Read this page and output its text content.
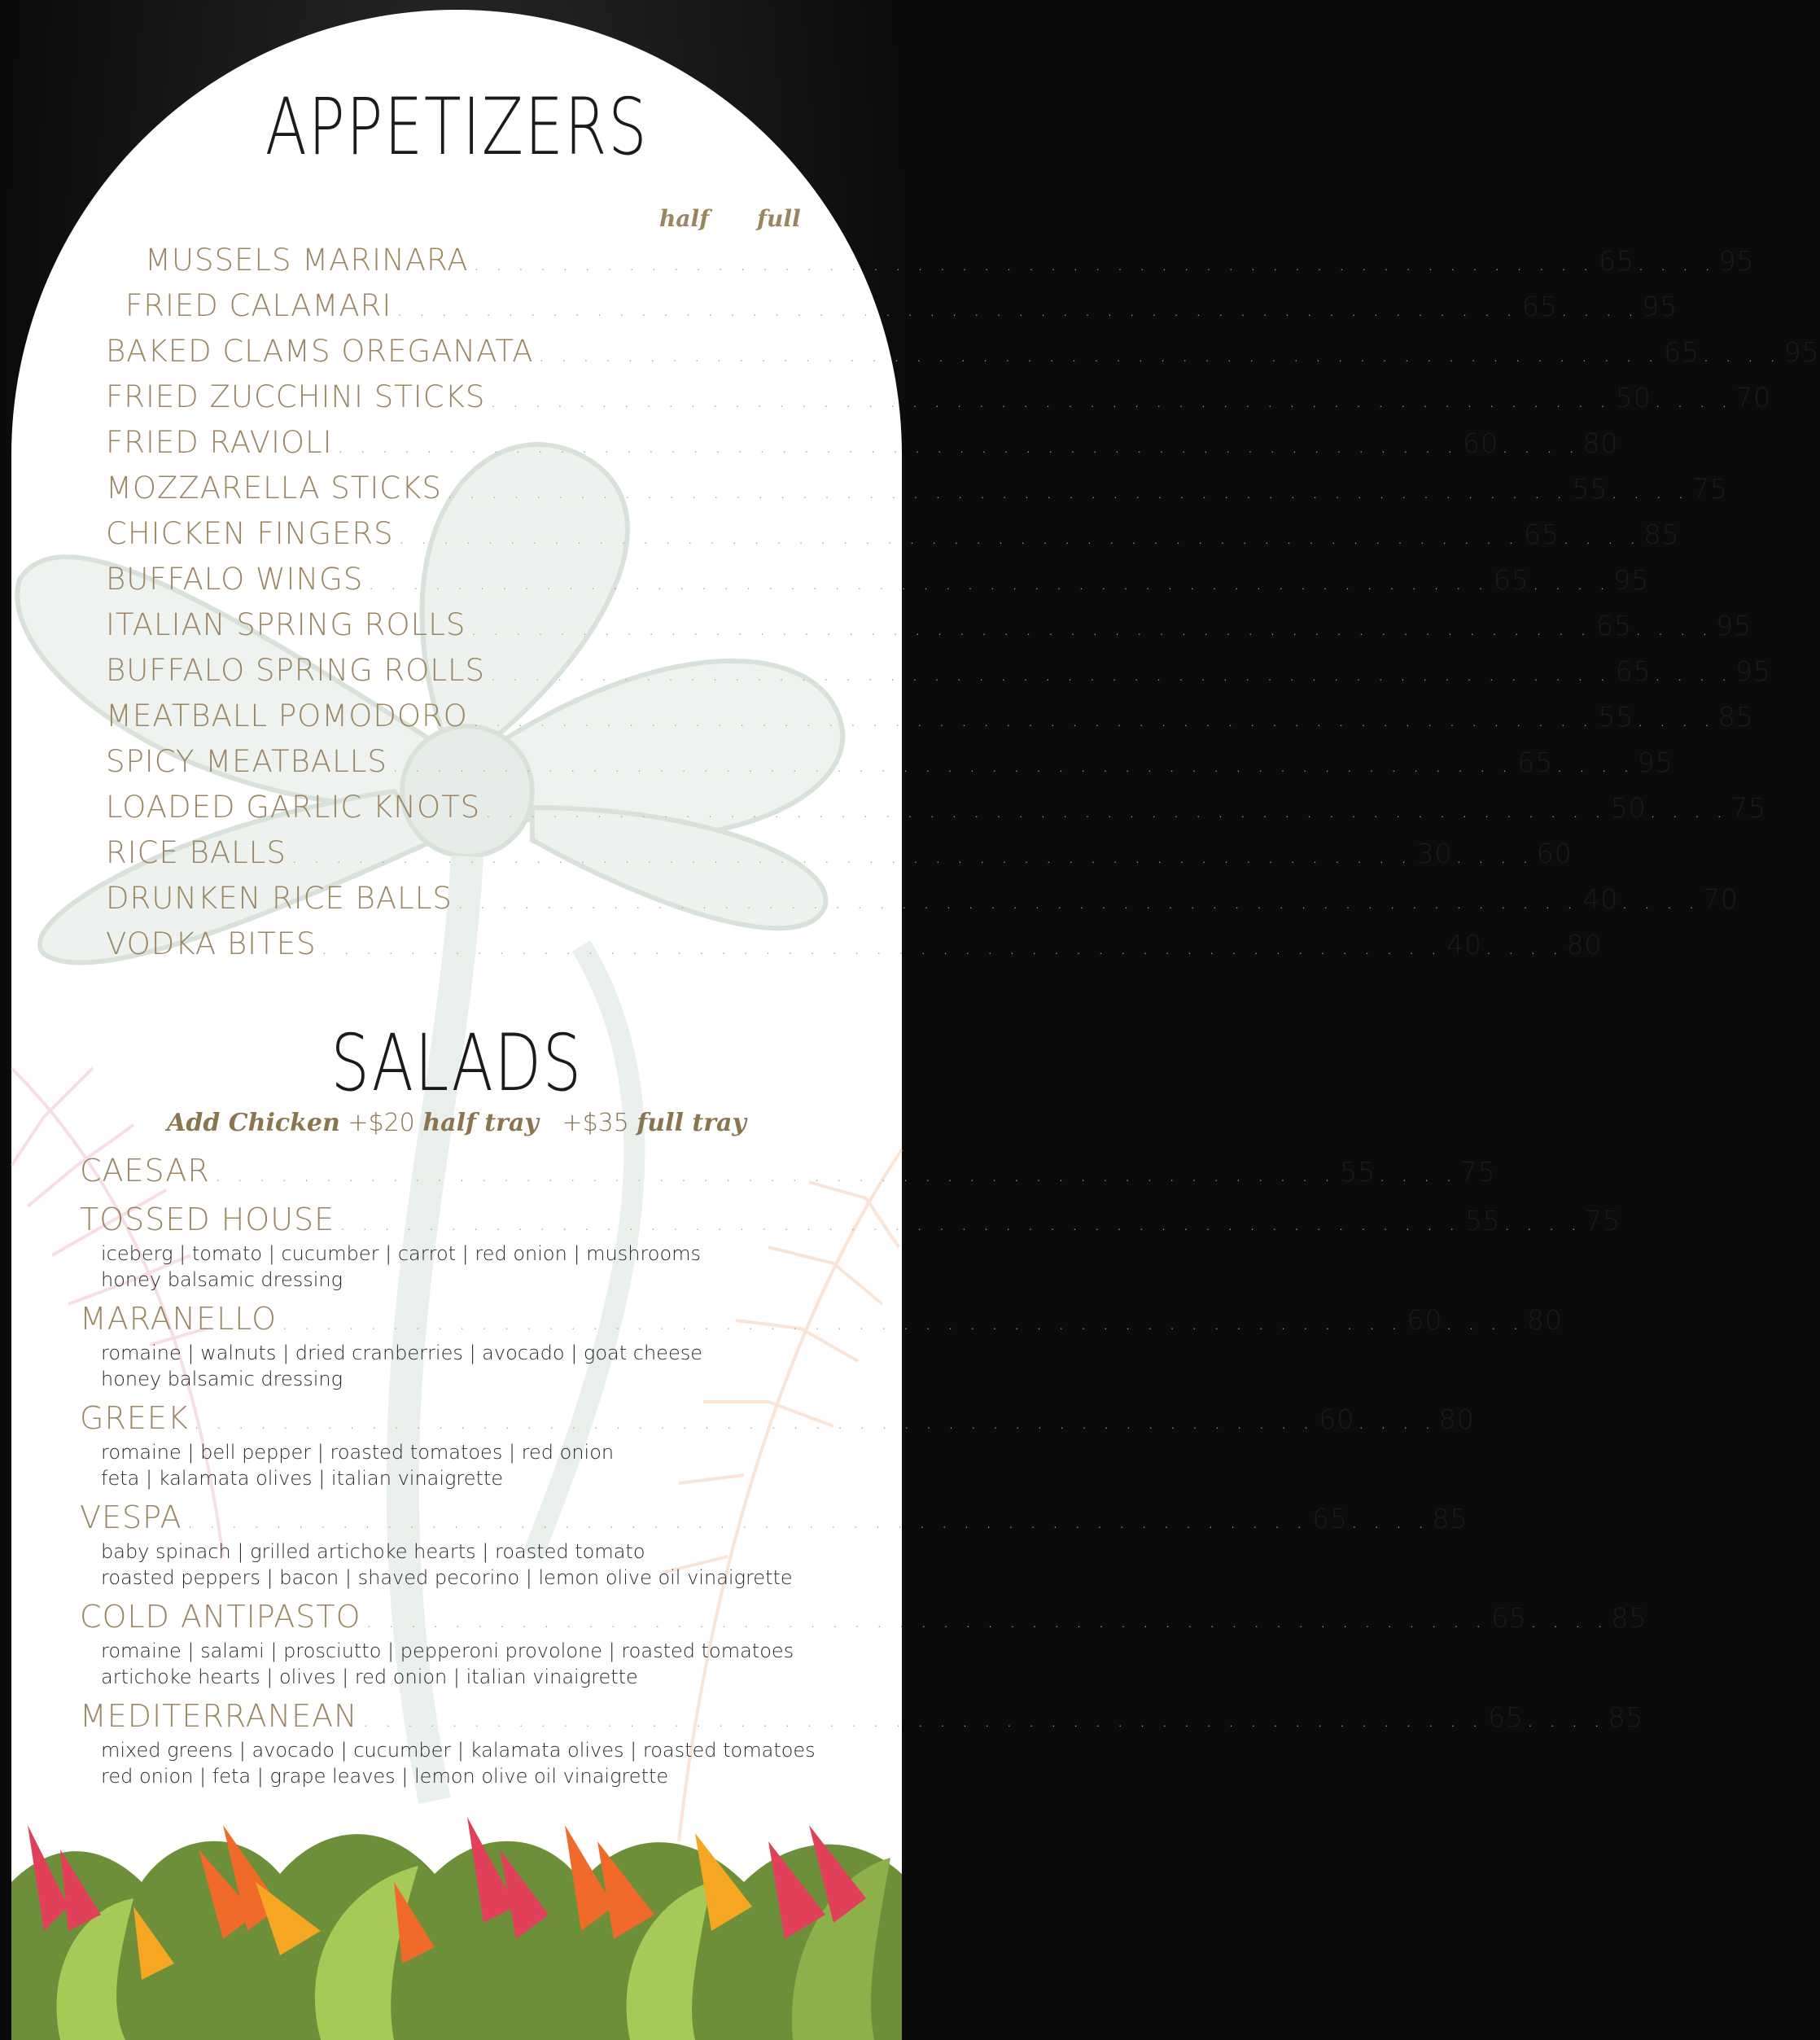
APPETIZERS
half full
MUSSELS MARINARA . . . . . . . . . . . . . . . . . . . . . . . . . . . . . . . . . . . . . . . . . . . . . . . . . . . 65 . . . . 95
FRIED CALAMARI . . . . . . . . . . . . . . . . . . . . . . . . . . . . . . . . . . . . . . . . . . . . . . . . . . . 65 . . . . 95
BAKED CLAMS OREGANATA . . . . . . . . . . . . . . . . . . . . . . . . . . . . . . . . . . . . . . . . . . . . . . . . . . . 65 . . . . 95
FRIED ZUCCHINI STICKS . . . . . . . . . . . . . . . . . . . . . . . . . . . . . . . . . . . . . . . . . . . . . . . . . . . 50 . . . . 70
FRIED RAVIOLI . . . . . . . . . . . . . . . . . . . . . . . . . . . . . . . . . . . . . . . . . . . . . . . . . . . 60 . . . . 80
MOZZARELLA STICKS . . . . . . . . . . . . . . . . . . . . . . . . . . . . . . . . . . . . . . . . . . . . . . . . . . . 55 . . . . 75
CHICKEN FINGERS . . . . . . . . . . . . . . . . . . . . . . . . . . . . . . . . . . . . . . . . . . . . . . . . . . . 65 . . . . 85
BUFFALO WINGS . . . . . . . . . . . . . . . . . . . . . . . . . . . . . . . . . . . . . . . . . . . . . . . . . . . 65 . . . . 95
ITALIAN SPRING ROLLS . . . . . . . . . . . . . . . . . . . . . . . . . . . . . . . . . . . . . . . . . . . . . . . . . . . 65 . . . . 95
BUFFALO SPRING ROLLS . . . . . . . . . . . . . . . . . . . . . . . . . . . . . . . . . . . . . . . . . . . . . . . . . . . 65 . . . . 95
MEATBALL POMODORO . . . . . . . . . . . . . . . . . . . . . . . . . . . . . . . . . . . . . . . . . . . . . . . . . . . 55 . . . . 85
SPICY MEATBALLS . . . . . . . . . . . . . . . . . . . . . . . . . . . . . . . . . . . . . . . . . . . . . . . . . . . 65 . . . . 95
LOADED GARLIC KNOTS . . . . . . . . . . . . . . . . . . . . . . . . . . . . . . . . . . . . . . . . . . . . . . . . . . . 50 . . . . 75
RICE BALLS . . . . . . . . . . . . . . . . . . . . . . . . . . . . . . . . . . . . . . . . . . . . . . . . . . . 30 . . . . 60
DRUNKEN RICE BALLS . . . . . . . . . . . . . . . . . . . . . . . . . . . . . . . . . . . . . . . . . . . . . . . . . . . 40 . . . . 70
VODKA BITES . . . . . . . . . . . . . . . . . . . . . . . . . . . . . . . . . . . . . . . . . . . . . . . . . . . 40 . . . . 80
SALADS
Add Chicken +$20 half tray +$35 full tray
CAESAR . . . . . . . . . . . . . . . . . . . . . . . . . . . . . . . . . . . . . . . . . . . . . . . . . . . 55 . . . . 75
TOSSED HOUSE . . . . . . . . . . . . . . . . . . . . . . . . . . . . . . . . . . . . . . . . . . . . . . . . . . . 55 . . . . 75
iceberg | tomato | cucumber | carrot | red onion | mushrooms
honey balsamic dressing
MARANELLO . . . . . . . . . . . . . . . . . . . . . . . . . . . . . . . . . . . . . . . . . . . . . . . . . . . 60 . . . . 80
romaine | walnuts | dried cranberries | avocado | goat cheese
honey balsamic dressing
GREEK . . . . . . . . . . . . . . . . . . . . . . . . . . . . . . . . . . . . . . . . . . . . . . . . . . . 60 . . . . 80
romaine | bell pepper | roasted tomatoes | red onion
feta | kalamata olives | italian vinaigrette
VESPA . . . . . . . . . . . . . . . . . . . . . . . . . . . . . . . . . . . . . . . . . . . . . . . . . . . 65 . . . . 85
baby spinach | grilled artichoke hearts | roasted tomato
roasted peppers | bacon | shaved pecorino | lemon olive oil vinaigrette
COLD ANTIPASTO . . . . . . . . . . . . . . . . . . . . . . . . . . . . . . . . . . . . . . . . . . . . . . . . . . . 65 . . . . 85
romaine | salami | prosciutto | pepperoni provolone | roasted tomatoes
artichoke hearts | olives | red onion | italian vinaigrette
MEDITERRANEAN . . . . . . . . . . . . . . . . . . . . . . . . . . . . . . . . . . . . . . . . . . . . . . . . . . . 65 . . . . 85
mixed greens | avocado | cucumber | kalamata olives | roasted tomatoes
red onion | feta | grape leaves | lemon olive oil vinaigrette
